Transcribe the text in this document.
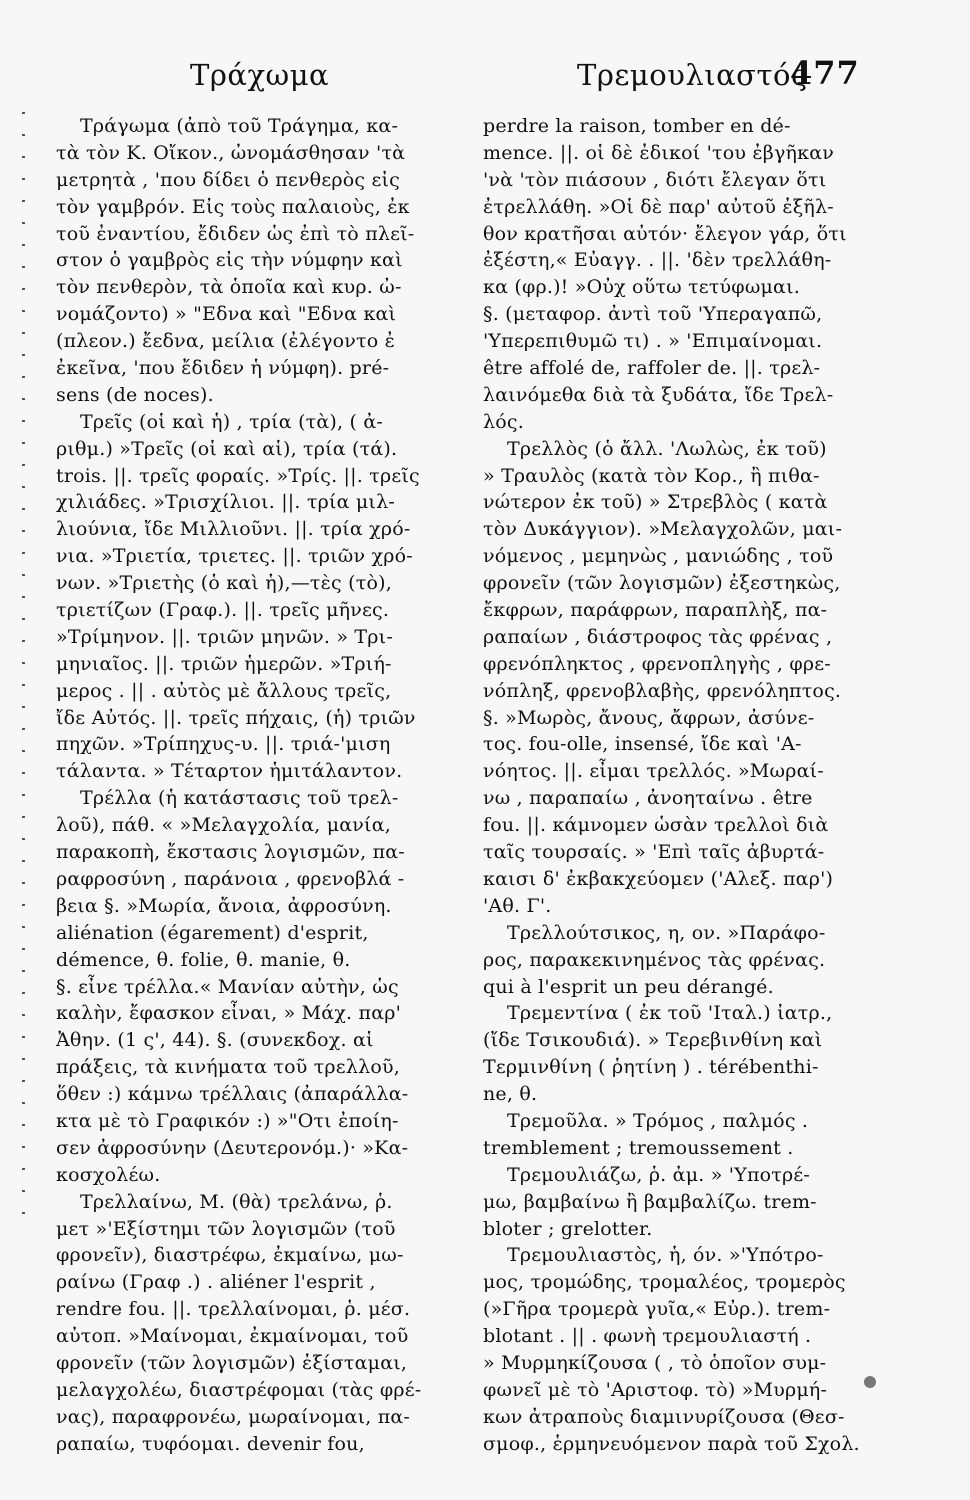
Τράχωμα	Τρεμουλιαστός
477
Τράγωμα (ἀπὸ τοῦ Τράγημα, κα-
τὰ τὸν Κ. Οἴκον., ὠνομάσθησαν 'τὰ
μετρητὰ , 'που δίδει ὁ πενθερὸς εἰς
τὸν γαμβρόν. Εἰς τοὺς παλαιοὺς, ἐκ
τοῦ ἐναντίου, ἔδιδεν ὡς ἐπὶ τὸ πλεῖ-
στον ὁ γαμβρὸς εἰς τὴν νύμφην καὶ
τὸν πενθερὸν, τὰ ὁποῖα καὶ κυρ. ὠ-
νομάζοντο) » "Εδνα καὶ "Εδνα καὶ
(πλεον.) ἔεδνα, μείλια (ἐλέγοντο ἐ
ἐκεῖνα, 'που ἔδιδεν ἡ νύμφη). pré-
sens (de noces).
Τρεῖς (οἱ καὶ ἡ) , τρία (τὰ), ( ἀ-
ριθμ.) »Τρεῖς (οἱ καὶ αἱ), τρία (τά).
trois. ||. τρεῖς φοραίς. »Τρίς. ||. τρεῖς
χιλιάδες. »Τρισχίλιοι. ||. τρία μιλ-
λιούνια, ἴδε Μιλλιοῦνι. ||. τρία χρό-
νια. »Τριετία, τριετες. ||. τριῶν χρό-
νων. »Τριετὴς (ὁ καὶ ἡ),—τὲς (τὸ),
τριετίζων (Γραφ.). ||. τρεῖς μῆνες.
»Τρίμηνον. ||. τριῶν μηνῶν. » Τρι-
μηνιαῖος. ||. τριῶν ἡμερῶν. »Τριή-
μερος . || . αὐτὸς μὲ ἄλλους τρεῖς,
ἴδε Αὐτός. ||. τρεῖς πήχαις, (ἡ) τριῶν
πηχῶν. »Τρίπηχυς-υ. ||. τριά-'μιση
τάλαντα. » Τέταρτον ἡμιτάλαντον.
Τρέλλα (ἡ κατάστασις τοῦ τρελ-
λοῦ), πάθ. « »Μελαγχολία, μανία,
παρακοπὴ, ἔκστασις λογισμῶν, πα-
ραφροσύνη , παράνοια , φρενοβλά -
βεια §. »Μωρία, ἄνοια, ἀφροσύνη.
aliénation (égarement) d'esprit,
démence, θ. folie, θ. manie, θ.
§. εἶνε τρέλλα.« Μανίαν αὐτὴν, ὡς
καλὴν, ἔφασκον εἶναι, » Μάχ. παρ'
Ἀθην. (1 ς', 44). §. (συνεκδοχ. αἱ
πράξεις, τὰ κινήματα τοῦ τρελλοῦ,
ὅθεν :) κάμνω τρέλλαις (ἀπαράλλα-
κτα μὲ τὸ Γραφικόν :) »"Οτι ἐποίη-
σεν ἀφροσύνην (Δευτερονόμ.)· »Κα-
κοσχολέω.
Τρελλαίνω, Μ. (θὰ) τρελάνω, ῥ.
μετ »'Εξίστημι τῶν λογισμῶν (τοῦ
φρονεῖν), διαστρέφω, ἐκμαίνω, μω-
ραίνω (Γραφ .) . aliéner l'esprit ,
rendre fou. ||. τρελλαίνομαι, ῥ. μέσ.
αὐτοπ. »Μαίνομαι, ἐκμαίνομαι, τοῦ
φρονεῖν (τῶν λογισμῶν) ἐξίσταμαι,
μελαγχολέω, διαστρέφομαι (τὰς φρέ-
νας), παραφρονέω, μωραίνομαι, πα-
ραπαίω, τυφόομαι. devenir fou,
perdre la raison, tomber en dé-
mence. ||. οἱ δὲ ἐδικοί 'του ἐβγῆκαν
'νὰ 'τὸν πιάσουν , διότι ἔλεγαν ὅτι
ἐτρελλάθη. »Οἱ δὲ παρ' αὐτοῦ ἐξῆλ-
θον κρατῆσαι αὐτόν· ἔλεγον γάρ, ὅτι
ἐξέστη,« Εὐαγγ. . ||. 'δὲν τρελλάθη-
κα (φρ.)! »Οὐχ οὕτω τετύφωμαι.
§. (μεταφορ. ἀντὶ τοῦ 'Υπεραγαπῶ,
'Υπερεπιθυμῶ τι) . » 'Επιμαίνομαι.
être affolé de, raffoler de. ||. τρελ-
λαινόμεθα διὰ τὰ ξυδάτα, ἴδε Τρελ-
λός.
Τρελλὸς (ὁ ἄλλ. 'Λωλὼς, ἐκ τοῦ)
» Τραυλὸς (κατὰ τὸν Κορ., ἢ πιθα-
νώτερον ἐκ τοῦ) » Στρεβλὸς ( κατὰ
τὸν Δυκάγγιον). »Μελαγχολῶν, μαι-
νόμενος , μεμηνὼς , μανιώδης , τοῦ
φρονεῖν (τῶν λογισμῶν) ἐξεστηκὼς,
ἔκφρων, παράφρων, παραπλὴξ, πα-
ραπαίων , διάστροφος τὰς φρένας ,
φρενόπληκτος , φρενοπληγὴς , φρε-
νόπληξ, φρενοβλαβὴς, φρενόληπτος.
§. »Μωρὸς, ἄνους, ἄφρων, ἀσύνε-
τος. fou-olle, insensé, ἴδε καὶ 'Α-
νόητος. ||. εἶμαι τρελλός. »Μωραί-
νω , παραπαίω , ἀνοηταίνω . être
fou. ||. κάμνομεν ὡσὰν τρελλοὶ διὰ
ταῖς τουρσαίς. » 'Επὶ ταῖς ἀβυρτά-
καισι δ' ἐκβακχεύομεν ('Αλεξ. παρ')
'Αθ. Γ'.
Τρελλούτσικος, η, ον. »Παράφο-
ρος, παρακεκινημένος τὰς φρένας.
qui à l'esprit un peu dérangé.
Τρεμεντίνα ( ἐκ τοῦ 'Ιταλ.) ἰατρ.,
(ἴδε Τσικουδιά). » Τερεβινθίνη καὶ
Τερμινθίνη ( ῥητίνη ) . térébenthi-
ne, θ.
Τρεμοῦλα. » Τρόμος , παλμός .
tremblement ; tremoussement .
Τρεμουλιάζω, ῥ. ἀμ. » 'Υποτρέ-
μω, βαμβαίνω ἢ βαμβαλίζω. trem-
bloter ; grelotter.
Τρεμουλιαστὸς, ἡ, όν. »'Υπότρο-
μος, τρομώδης, τρομαλέος, τρομερὸς
(»Γῆρα τρομερὰ γυῖα,« Εὐρ.). trem-
blotant . || . φωνὴ τρεμουλιαστή .
» Μυρμηκίζουσα ( , τὸ ὁποῖον συμ-
φωνεῖ μὲ τὸ 'Αριστοφ. τὸ) »Μυρμή-
κων ἀτραποὺς διαμινυρίζουσα (Θεσ-
σμοφ., ἑρμηνευόμενον παρὰ τοῦ Σχολ.
